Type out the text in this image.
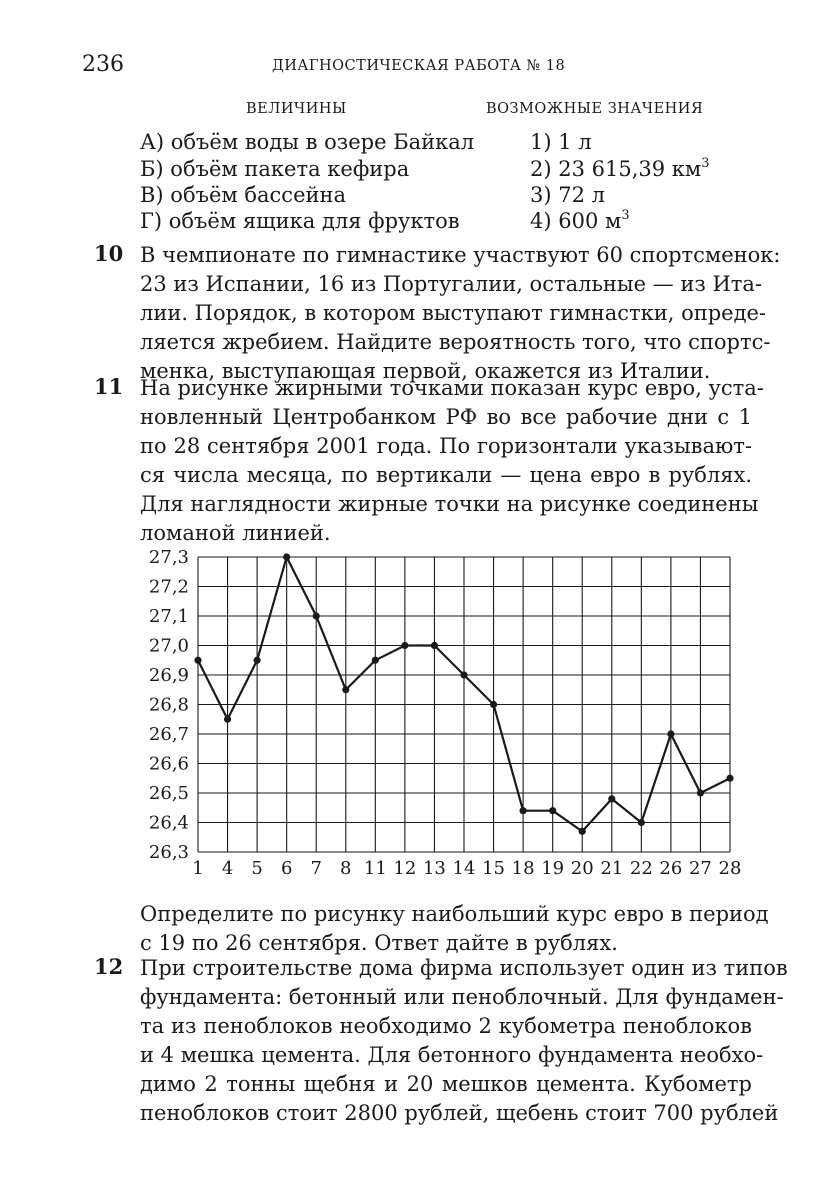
236	ДИАГНОСТИЧЕСКАЯ РАБОТА № 18
ВЕЛИЧИНЫ	ВОЗМОЖНЫЕ ЗНАЧЕНИЯ
А) объём воды в озере Байкал
Б) объём пакета кефира
В) объём бассейна
Г) объём ящика для фруктов
1) 1 л
2) 23 615,39 $км^3$
3) 72 л
4) 600 $м^3$
10 В чемпионате по гимнастике участвуют 60 спортсменок:
23 из Испании, 16 из Португалии, остальные — из Ита-
лии. Порядок, в котором выступают гимнастки, опреде-
ляется жребием. Найдите вероятность того, что спортс-
менка, выступающая первой, окажется из Италии.
11 На рисунке жирными точками показан курс евро, уста-
новленный Центробанком РФ во все рабочие дни с 1
по 28 сентября 2001 года. По горизонтали указывают-
ся числа месяца, по вертикали — цена евро в рублях.
Для наглядности жирные точки на рисунке соединены
ломаной линией.
26,3
26,4
26,5
26,6
26,7
26,8
26,9
27,0
27,1
27,2
27,3
1 4 5 6 7 8 11 12 13 14 15 18 19 20 21 22 26 27 28
Определите по рисунку наибольший курс евро в период
с 19 по 26 сентября. Ответ дайте в рублях.
12 При строительстве дома фирма использует один из типов
фундамента: бетонный или пеноблочный. Для фундамен-
та из пеноблоков необходимо 2 кубометра пеноблоков
и 4 мешка цемента. Для бетонного фундамента необхо-
димо 2 тонны щебня и 20 мешков цемента. Кубометр
пеноблоков стоит 2800 рублей, щебень стоит 700 рублей
